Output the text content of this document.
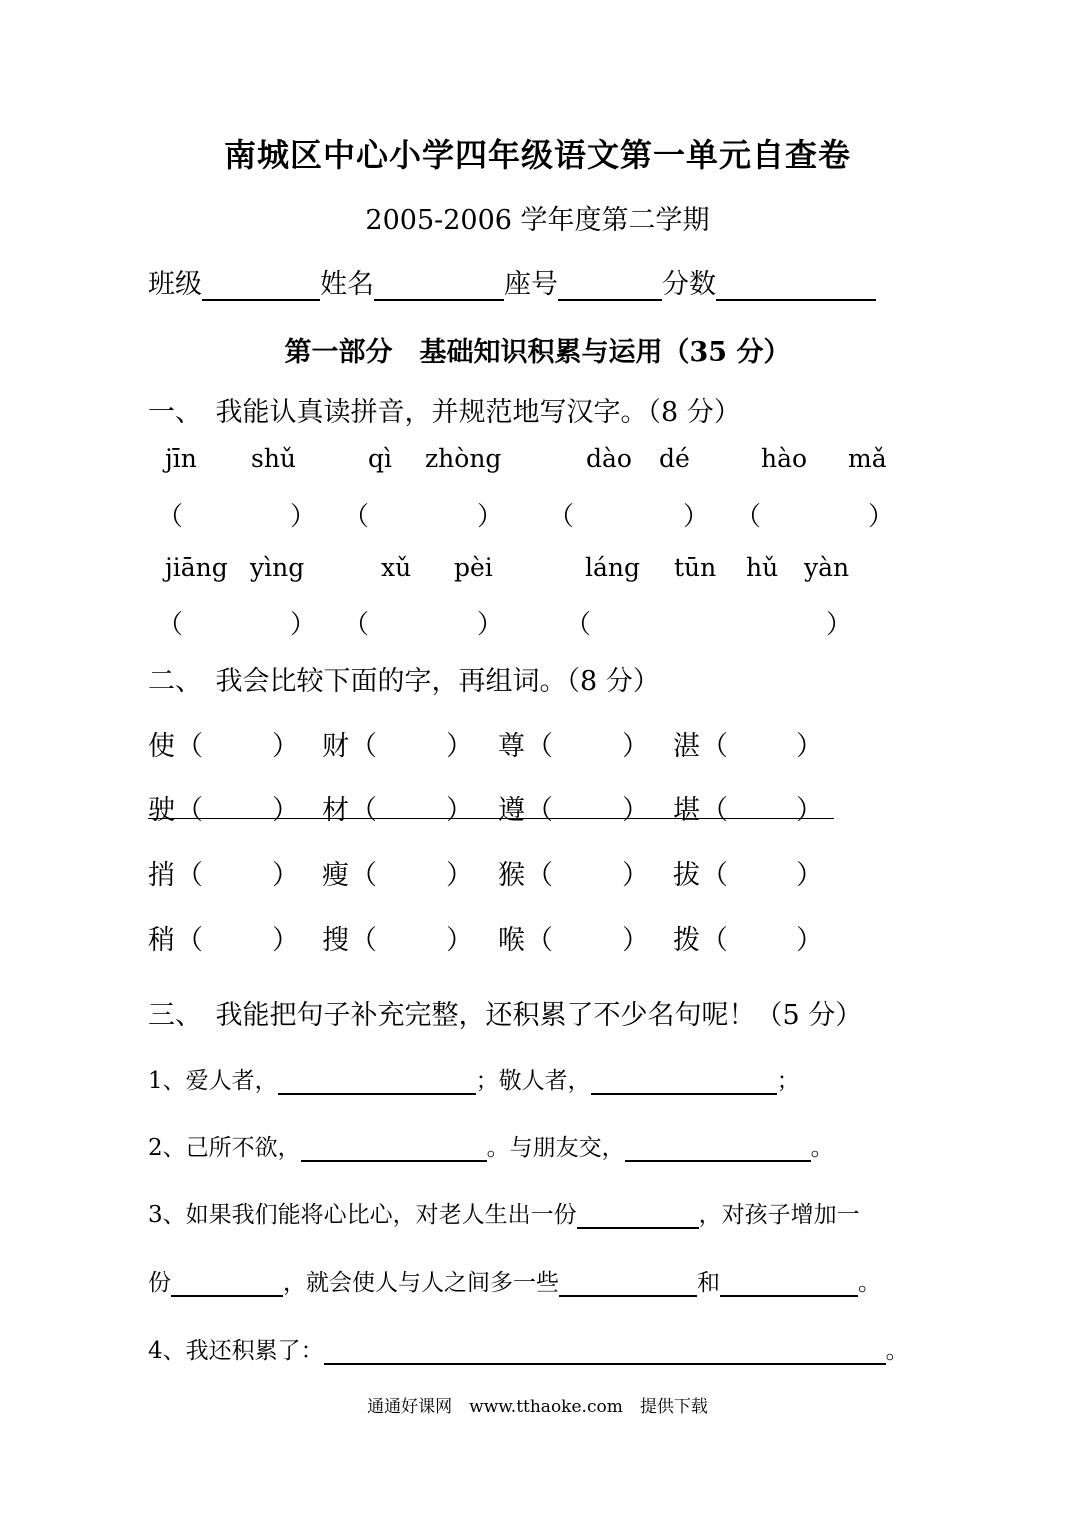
南城区中心小学四年级语文第一单元自查卷
2005-2006 学年度第二学期
班级	姓名	座号	分数
第一部分　基础知识积累与运用（35 分）
一、　我能认真读拼音，并规范地写汉字。（8 分）
jīn shǔ	qì zhòng	dào dé	hào mǎ
（	） （	） （	） （	）
jiāng yìng	xǔ pèi	láng tūn hǔ yàn
（	） （	） （	）
二、　我会比较下面的字，再组词。（8 分）
使 （	） 财 （	） 尊 （	） 湛 （	）
驶 （	） 材 （	） 遵 （	） 堪 （	）
捎 （	） 瘦 （	） 猴 （	） 拔 （	）
稍 （	） 搜 （	） 喉 （	） 拨 （	）
三、　我能把句子补充完整，还积累了不少名句呢！（5 分）
1、爱人者，	；敬人者，	；
2、己所不欲，	。与朋友交，	。
3、如果我们能将心比心，对老人生出一份	，对孩子增加一
份	，就会使人与人之间多一些	和	。
4、我还积累了：	。
通通好课网　www.tthaoke.com　提供下载
